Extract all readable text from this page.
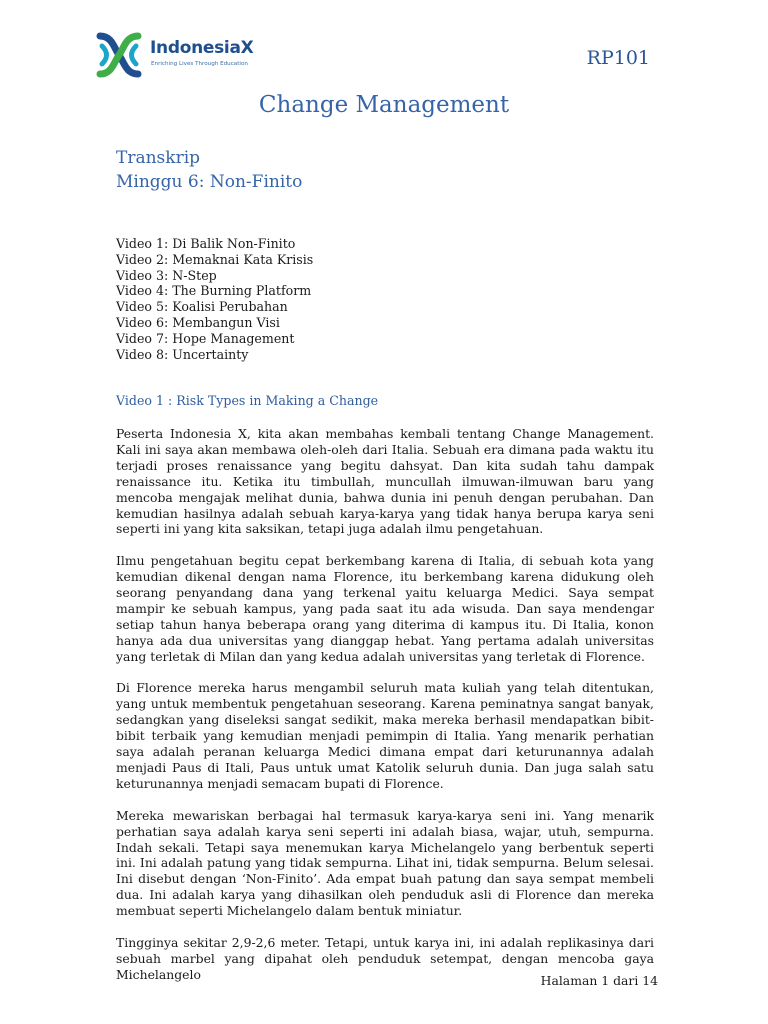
IndonesiaX
Enriching Lives Through Education	RP101
Change Management
Transkrip
Minggu 6: Non-Finito
Video 1: Di Balik Non-Finito
Video 2: Memaknai Kata Krisis
Video 3: N-Step
Video 4: The Burning Platform
Video 5: Koalisi Perubahan
Video 6: Membangun Visi
Video 7: Hope Management
Video 8: Uncertainty
Video 1 : Risk Types in Making a Change

Peserta Indonesia X, kita akan membahas kembali tentang Change Management. Kali ini saya akan membawa oleh-oleh dari Italia. Sebuah era dimana pada waktu itu terjadi proses renaissance yang begitu dahsyat. Dan kita sudah tahu dampak renaissance itu. Ketika itu timbullah, muncullah ilmuwan-ilmuwan baru yang mencoba mengajak melihat dunia, bahwa dunia ini penuh dengan perubahan. Dan kemudian hasilnya adalah sebuah karya-karya yang tidak hanya berupa karya seni seperti ini yang kita saksikan, tetapi juga adalah ilmu pengetahuan.

Ilmu pengetahuan begitu cepat berkembang karena di Italia, di sebuah kota yang kemudian dikenal dengan nama Florence, itu berkembang karena didukung oleh seorang penyandang dana yang terkenal yaitu keluarga Medici. Saya sempat mampir ke sebuah kampus, yang pada saat itu ada wisuda. Dan saya mendengar setiap tahun hanya beberapa orang yang diterima di kampus itu. Di Italia, konon hanya ada dua universitas yang dianggap hebat. Yang pertama adalah universitas yang terletak di Milan dan yang kedua adalah universitas yang terletak di Florence.

Di Florence mereka harus mengambil seluruh mata kuliah yang telah ditentukan, yang untuk membentuk pengetahuan seseorang. Karena peminatnya sangat banyak, sedangkan yang diseleksi sangat sedikit, maka mereka berhasil mendapatkan bibit-bibit terbaik yang kemudian menjadi pemimpin di Italia. Yang menarik perhatian saya adalah peranan keluarga Medici dimana empat dari keturunannya adalah menjadi Paus di Itali, Paus untuk umat Katolik seluruh dunia. Dan juga salah satu keturunannya menjadi semacam bupati di Florence.

Mereka mewariskan berbagai hal termasuk karya-karya seni ini. Yang menarik perhatian saya adalah karya seni seperti ini adalah biasa, wajar, utuh, sempurna. Indah sekali. Tetapi saya menemukan karya Michelangelo yang berbentuk seperti ini. Ini adalah patung yang tidak sempurna. Lihat ini, tidak sempurna. Belum selesai. Ini disebut dengan ‘Non-Finito’. Ada empat buah patung dan saya sempat membeli dua. Ini adalah karya yang dihasilkan oleh penduduk asli di Florence dan mereka membuat seperti Michelangelo dalam bentuk miniatur.

Tingginya sekitar 2,9-2,6 meter. Tetapi, untuk karya ini, ini adalah replikasinya dari sebuah marbel yang dipahat oleh penduduk setempat, dengan mencoba gaya Michelangelo	Halaman 1 dari 14
